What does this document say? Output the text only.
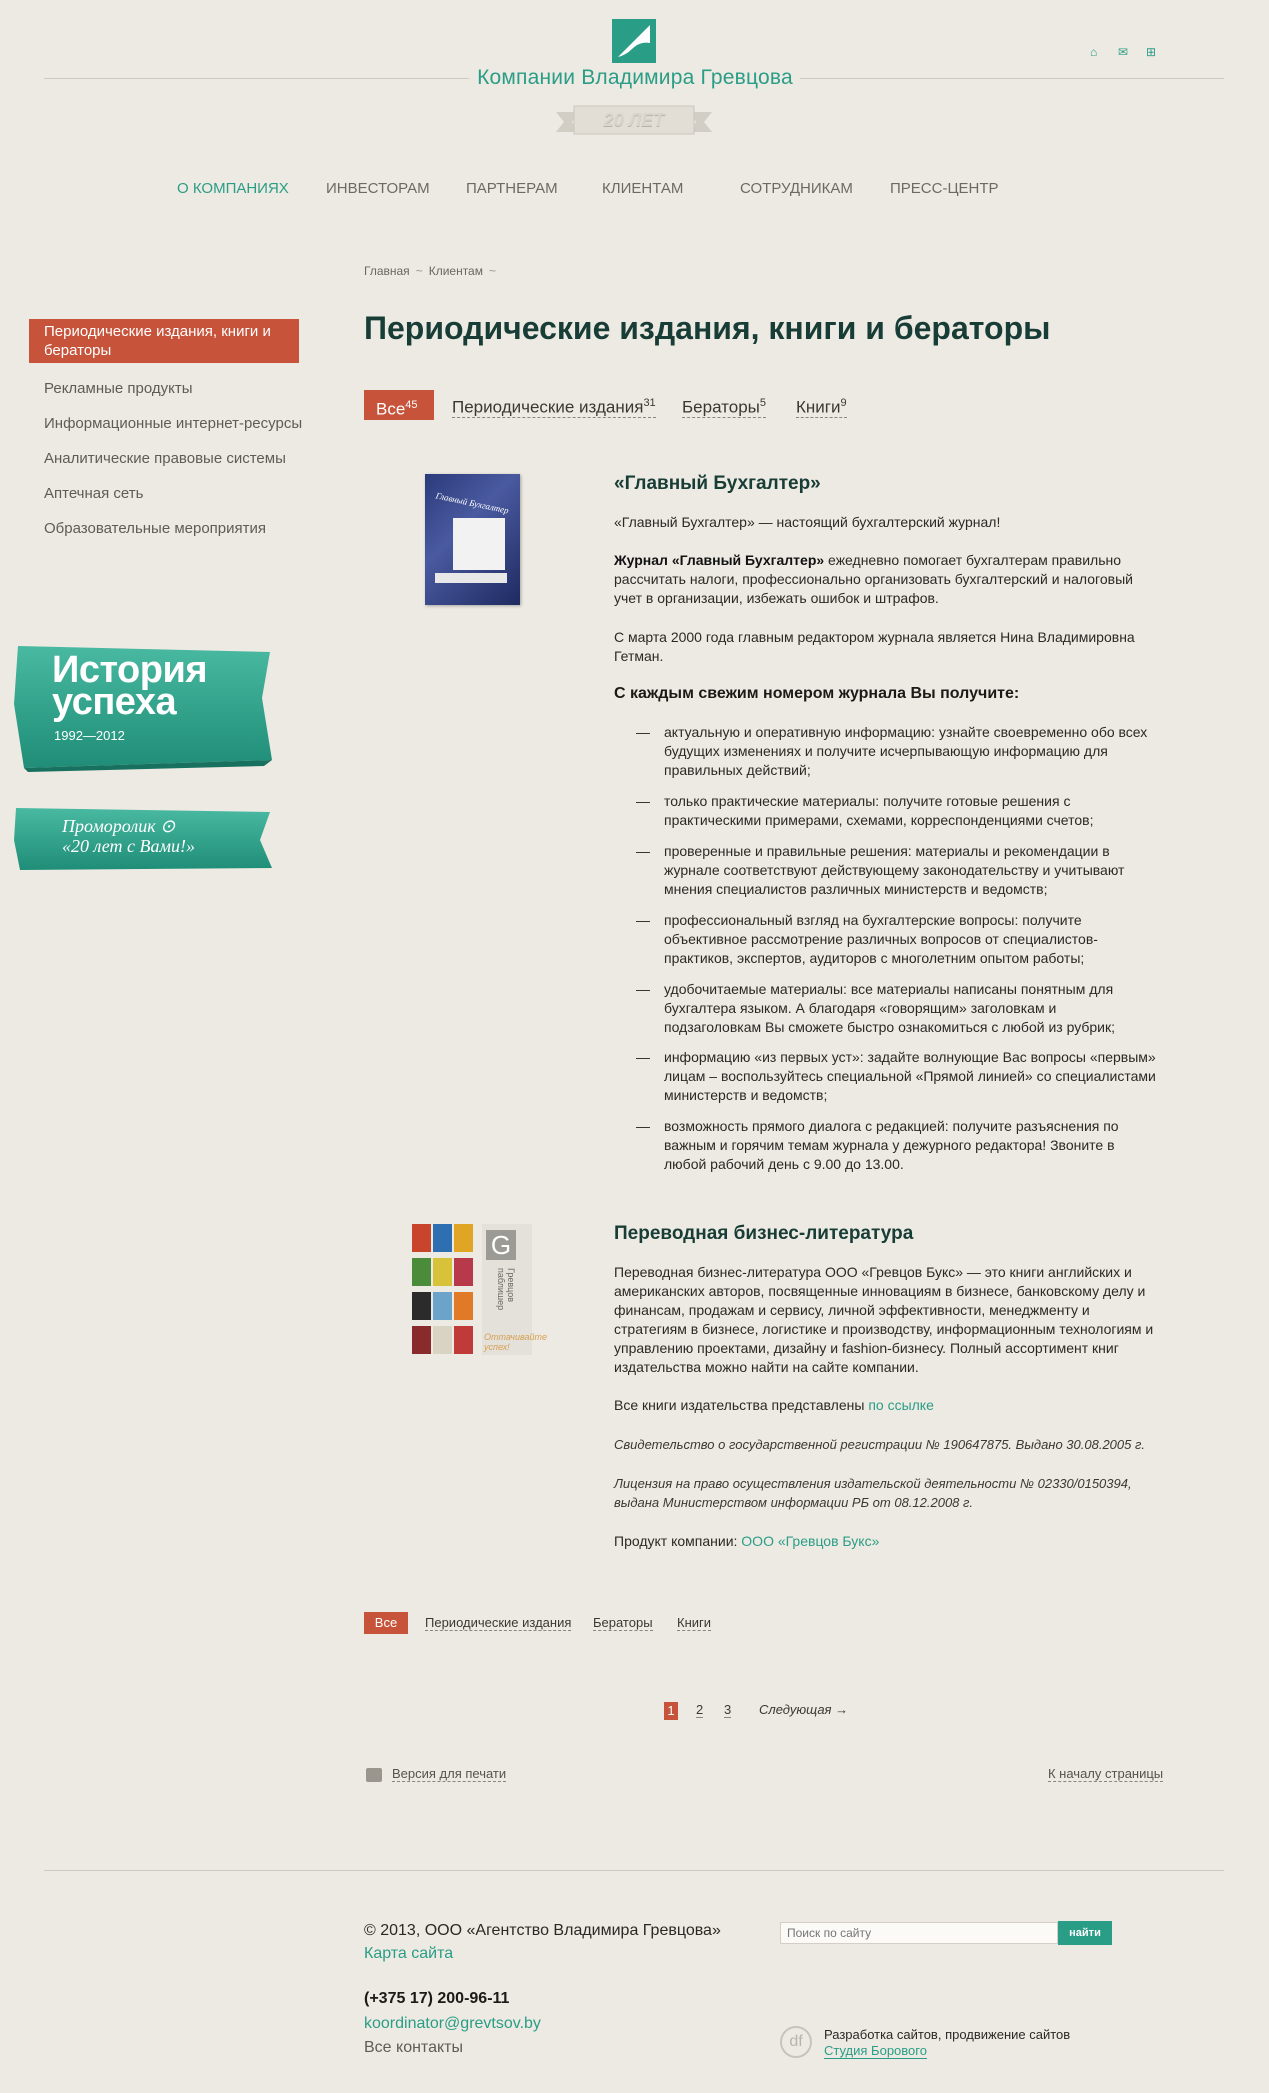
Компании Владимира Гревцова
20 ЛЕТ
⌂	✉	⊞
О КОМПАНИЯХ ИНВЕСТОРАМ ПАРТНЕРАМ	КЛИЕНТАМ	СОТРУДНИКАМ ПРЕСС-ЦЕНТР
Периодические издания, книги и бераторы
Рекламные продукты
Информационные интернет-ресурсы
Аналитические правовые системы
Аптечная сеть
Образовательные мероприятия
История
успеха
1992—2012
Проморолик ⊙
«20 лет с Вами!»
Главная ~ Клиентам ~
Периодические издания, книги и бераторы
Все$^{45}$	Периодические издания$^{31}$ Бераторы$^5$ Книги$^9$
Главный Бухгалтер
«Главный Бухгалтер»
«Главный Бухгалтер» — настоящий бухгалтерский журнал!
Журнал «Главный Бухгалтер» ежедневно помогает бухгалтерам правильно рассчитать налоги, профессионально организовать бухгалтерский и налоговый учет в организации, избежать ошибок и штрафов.
С марта 2000 года главным редактором журнала является Нина Владимировна Гетман.
С каждым свежим номером журнала Вы получите:
—	актуальную и оперативную информацию: узнайте своевременно обо всех будущих изменениях и получите исчерпывающую информацию для правильных действий;
—	только практические материалы: получите готовые решения с практическими примерами, схемами, корреспонденциями счетов;
—	проверенные и правильные решения: материалы и рекомендации в журнале соответствуют действующему законодательству и учитывают мнения специалистов различных министерств и ведомств;
—	профессиональный взгляд на бухгалтерские вопросы: получите объективное рассмотрение различных вопросов от специалистов-практиков, экспертов, аудиторов с многолетним опытом работы;
—	удобочитаемые материалы: все материалы написаны понятным для бухгалтера языком. А благодаря «говорящим» заголовкам и подзаголовкам Вы сможете быстро ознакомиться с любой из рубрик;
—	информацию «из первых уст»: задайте волнующие Вас вопросы «первым» лицам – воспользуйтесь специальной «Прямой линией» со специалистами министерств и ведомств;
—	возможность прямого диалога с редакцией: получите разъяснения по важным и горячим темам журнала у дежурного редактора! Звоните в любой рабочий день с 9.00 до 13.00.
G
Гревцов паблишер
Оттачивайте успех!
Переводная бизнес-литература
Переводная бизнес-литература ООО «Гревцов Букс» — это книги английских и американских авторов, посвященные инновациям в бизнесе, банковскому делу и финансам, продажам и сервису, личной эффективности, менеджменту и стратегиям в бизнесе, логистике и производству, информационным технологиям и управлению проектами, дизайну и fashion-бизнесу. Полный ассортимент книг издательства можно найти на сайте компании.
Все книги издательства представлены по ссылке
Свидетельство о государственной регистрации № 190647875. Выдано 30.08.2005 г.
Лицензия на право осуществления издательской деятельности № 02330/0150394, выдана Министерством информации РБ от 08.12.2008 г.
Продукт компании: ООО «Гревцов Букс»
Все	Периодические издания Бераторы Книги
1 2 3 Следующая →
Версия для печати	К началу страницы
© 2013, ООО «Агентство Владимира Гревцова»
Карта сайта
(+375 17) 200-96-11
koordinator@grevtsov.by
Все контакты
Поиск по сайту
найти
df	Разработка сайтов, продвижение сайтов
Студия Борового
